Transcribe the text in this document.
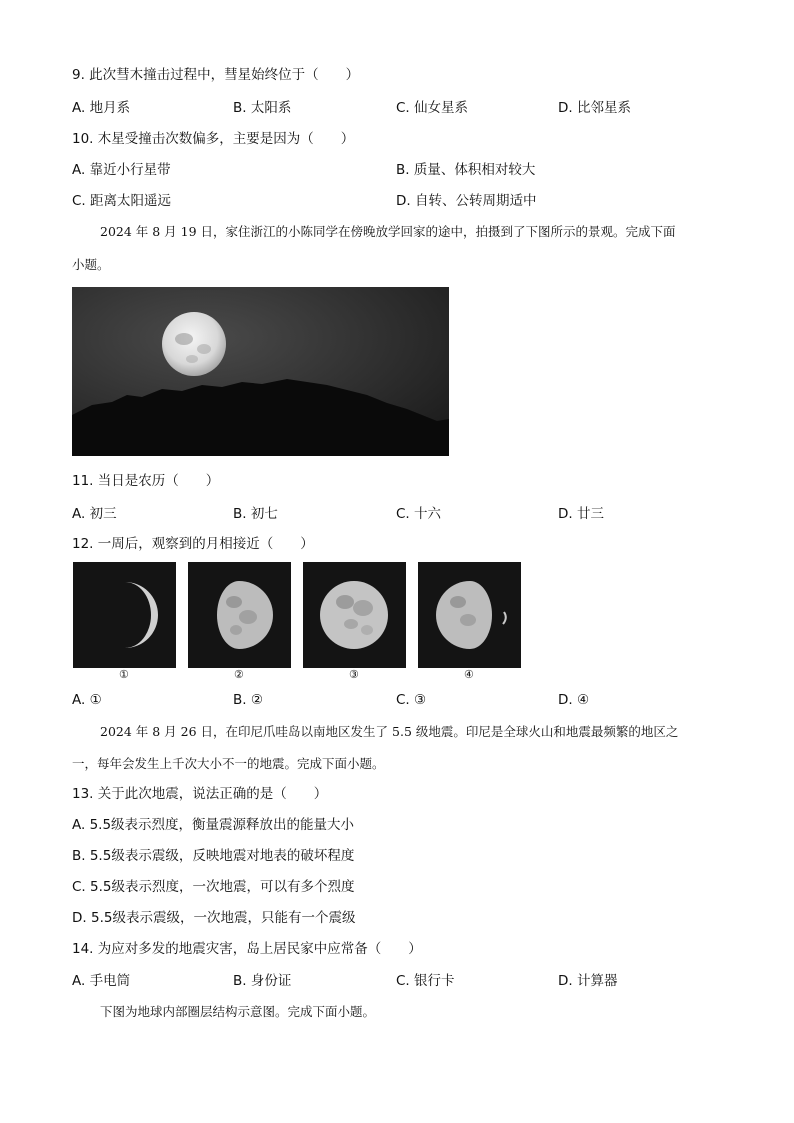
9. 此次彗木撞击过程中，彗星始终位于（　　）
A. 地月系	B. 太阳系	C. 仙女星系	D. 比邻星系
10. 木星受撞击次数偏多，主要是因为（　　）
A. 靠近小行星带	B. 质量、体积相对较大
C. 距离太阳遥远	D. 自转、公转周期适中
2024 年 8 月 19 日，家住浙江的小陈同学在傍晚放学回家的途中，拍摄到了下图所示的景观。完成下面
小题。
11. 当日是农历（　　）
A. 初三	B. 初七	C. 十六	D. 廿三
12. 一周后，观察到的月相接近（　　）
①	②	③	④
A. ①	B. ②	C. ③	D. ④
2024 年 8 月 26 日，在印尼爪哇岛以南地区发生了 5.5 级地震。印尼是全球火山和地震最频繁的地区之
一，每年会发生上千次大小不一的地震。完成下面小题。
13. 关于此次地震，说法正确的是（　　）
A. 5.5级表示烈度，衡量震源释放出的能量大小
B. 5.5级表示震级，反映地震对地表的破坏程度
C. 5.5级表示烈度，一次地震，可以有多个烈度
D. 5.5级表示震级，一次地震，只能有一个震级
14. 为应对多发的地震灾害，岛上居民家中应常备（　　）
A. 手电筒	B. 身份证	C. 银行卡	D. 计算器
下图为地球内部圈层结构示意图。完成下面小题。
